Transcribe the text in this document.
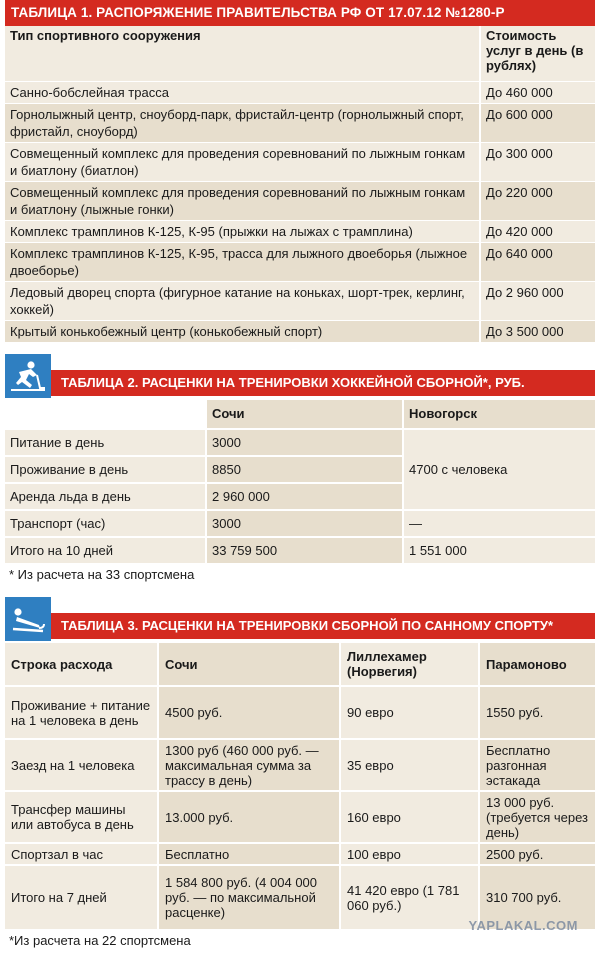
ТАБЛИЦА 1. РАСПОРЯЖЕНИЕ ПРАВИТЕЛЬСТВА РФ ОТ 17.07.12 №1280-Р
Тип спортивного сооружения	Стоимость услуг в день (в рублях)
Санно-бобслейная трасса	До 460 000
Горнолыжный центр, сноуборд-парк, фристайл-центр (горнолыжный спорт, фристайл, сноуборд)	До 600 000
Совмещенный комплекс для проведения соревнований по лыжным гонкам и биатлону (биатлон)	До 300 000
Совмещенный комплекс для проведения соревнований по лыжным гонкам и биатлону (лыжные гонки)	До 220 000
Комплекс трамплинов К-125, К-95 (прыжки на лыжах с трамплина)	До 420 000
Комплекс трамплинов К-125, К-95, трасса для лыжного двоеборья (лыжное двоеборье)	До 640 000
Ледовый дворец спорта (фигурное катание на коньках, шорт-трек, керлинг, хоккей)	До 2 960 000
Крытый конькобежный центр (конькобежный спорт)	До 3 500 000
ТАБЛИЦА 2. РАСЦЕНКИ НА ТРЕНИРОВКИ ХОККЕЙНОЙ СБОРНОЙ*, РУБ.
	Сочи	Новогорск
Питание в день	3000	4700 с человека
Проживание в день	8850	
Аренда льда в день	2 960 000	
Транспорт (час)	3000	—
Итого на 10 дней	33 759 500	1 551 000
* Из расчета на 33 спортсмена
ТАБЛИЦА 3. РАСЦЕНКИ НА ТРЕНИРОВКИ СБОРНОЙ ПО САННОМУ СПОРТУ*
Строка расхода	Сочи	Лиллехамер (Норвегия)	Парамоново
Проживание + питание на 1 человека в день	4500 руб.	90 евро	1550 руб.
Заезд на 1 человека	1300 руб (460 000 руб. — максимальная сумма за трассу в день)	35 евро	Бесплатно разгонная эстакада
Трансфер машины или автобуса в день	13.000 руб.	160 евро	13 000 руб. (требуется через день)
Спортзал в час	Бесплатно	100 евро	2500 руб.
Итого на 7 дней	1 584 800 руб. (4 004 000 руб. — по максимальной расценке)	41 420 евро (1 781 060 руб.)	310 700 руб.
*Из расчета на 22 спортсмена
YAPLAKAL.COM
